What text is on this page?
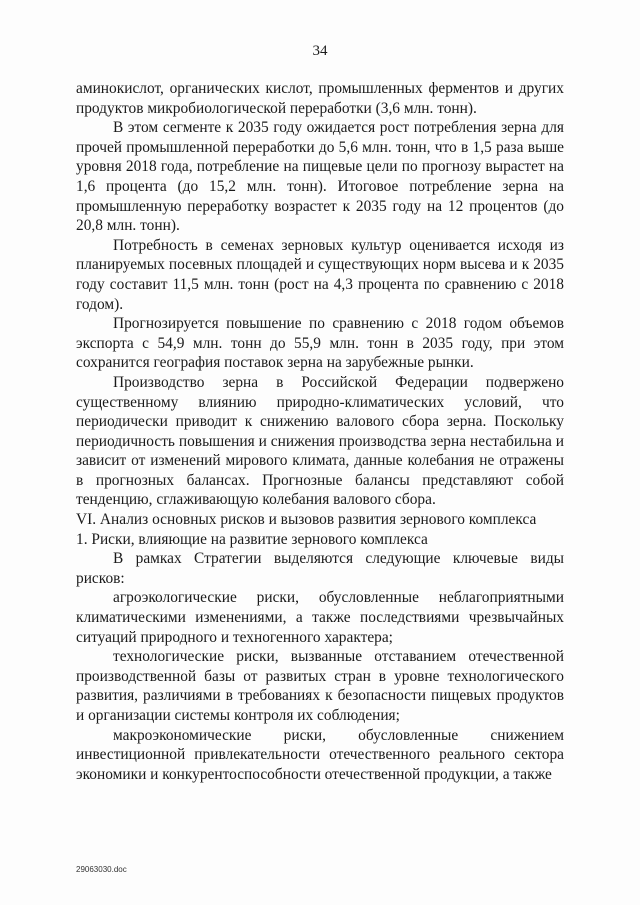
34

аминокислот, органических кислот, промышленных ферментов и других продуктов микробиологической переработки (3,6 млн. тонн).

В этом сегменте к 2035 году ожидается рост потребления зерна для прочей промышленной переработки до 5,6 млн. тонн, что в 1,5 раза выше уровня 2018 года, потребление на пищевые цели по прогнозу вырастет на 1,6 процента (до 15,2 млн. тонн). Итоговое потребление зерна на промышленную переработку возрастет к 2035 году на 12 процентов (до 20,8 млн. тонн).

Потребность в семенах зерновых культур оценивается исходя из планируемых посевных площадей и существующих норм высева и к 2035 году составит 11,5 млн. тонн (рост на 4,3 процента по сравнению с 2018 годом).

Прогнозируется повышение по сравнению с 2018 годом объемов экспорта с 54,9 млн. тонн до 55,9 млн. тонн в 2035 году, при этом сохранится география поставок зерна на зарубежные рынки.

Производство зерна в Российской Федерации подвержено существенному влиянию природно-климатических условий, что периодически приводит к снижению валового сбора зерна. Поскольку периодичность повышения и снижения производства зерна нестабильна и зависит от изменений мирового климата, данные колебания не отражены в прогнозных балансах. Прогнозные балансы представляют собой тенденцию, сглаживающую колебания валового сбора.

VI. Анализ основных рисков и вызовов развития зернового комплекса

1. Риски, влияющие на развитие зернового комплекса

В рамках Стратегии выделяются следующие ключевые виды рисков:

агроэкологические риски, обусловленные неблагоприятными климатическими изменениями, а также последствиями чрезвычайных ситуаций природного и техногенного характера;

технологические риски, вызванные отставанием отечественной производственной базы от развитых стран в уровне технологического развития, различиями в требованиях к безопасности пищевых продуктов и организации системы контроля их соблюдения;

макроэкономические риски, обусловленные снижением инвестиционной привлекательности отечественного реального сектора экономики и конкурентоспособности отечественной продукции, а также

29063030.doc
